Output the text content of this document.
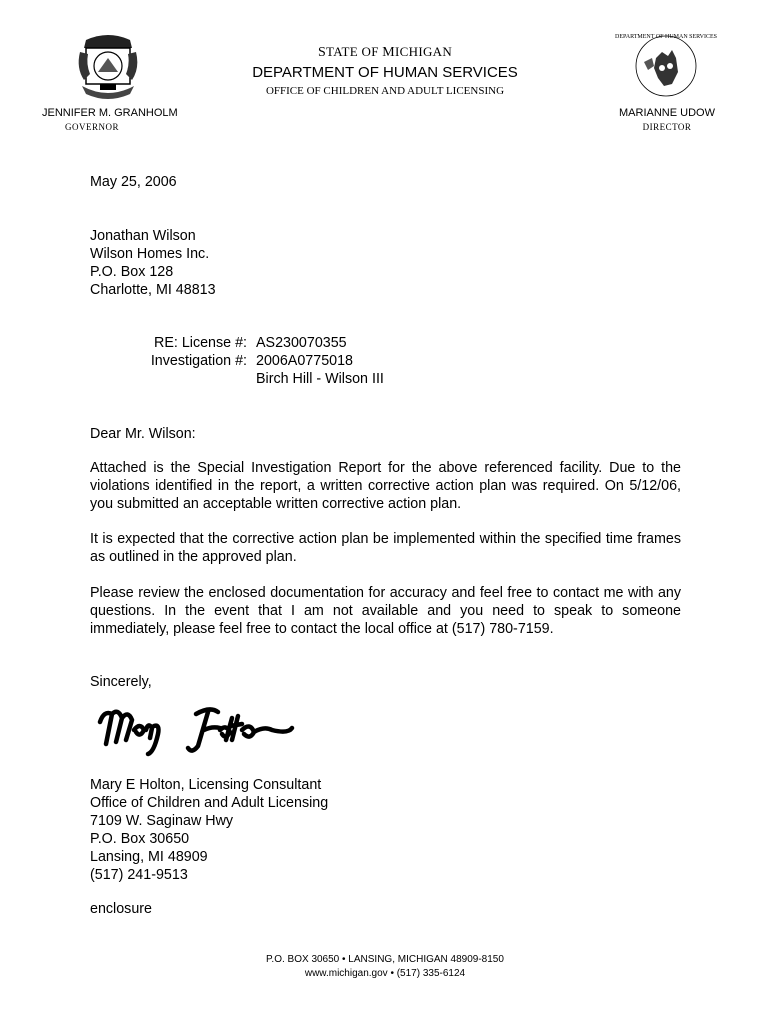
DEPARTMENT OF HUMAN SERVICES
STATE OF MICHIGAN
DEPARTMENT OF HUMAN SERVICES
OFFICE OF CHILDREN AND ADULT LICENSING
JENNIFER M. GRANHOLM
GOVERNOR
MARIANNE UDOW
DIRECTOR
May 25, 2006
Jonathan Wilson
Wilson Homes Inc.
P.O. Box 128
Charlotte, MI 48813
RE: License #: AS230070355
Investigation #: 2006A0775018
Birch Hill - Wilson III
Dear Mr. Wilson:
Attached is the Special Investigation Report for the above referenced facility. Due to the violations identified in the report, a written corrective action plan was required. On 5/12/06, you submitted an acceptable written corrective action plan.
It is expected that the corrective action plan be implemented within the specified time frames as outlined in the approved plan.
Please review the enclosed documentation for accuracy and feel free to contact me with any questions. In the event that I am not available and you need to speak to someone immediately, please feel free to contact the local office at (517) 780-7159.
Sincerely,
Mary E Holton, Licensing Consultant
Office of Children and Adult Licensing
7109 W. Saginaw Hwy
P.O. Box 30650
Lansing, MI 48909
(517) 241-9513
enclosure
P.O. BOX 30650 • LANSING, MICHIGAN 48909-8150
www.michigan.gov • (517) 335-6124
